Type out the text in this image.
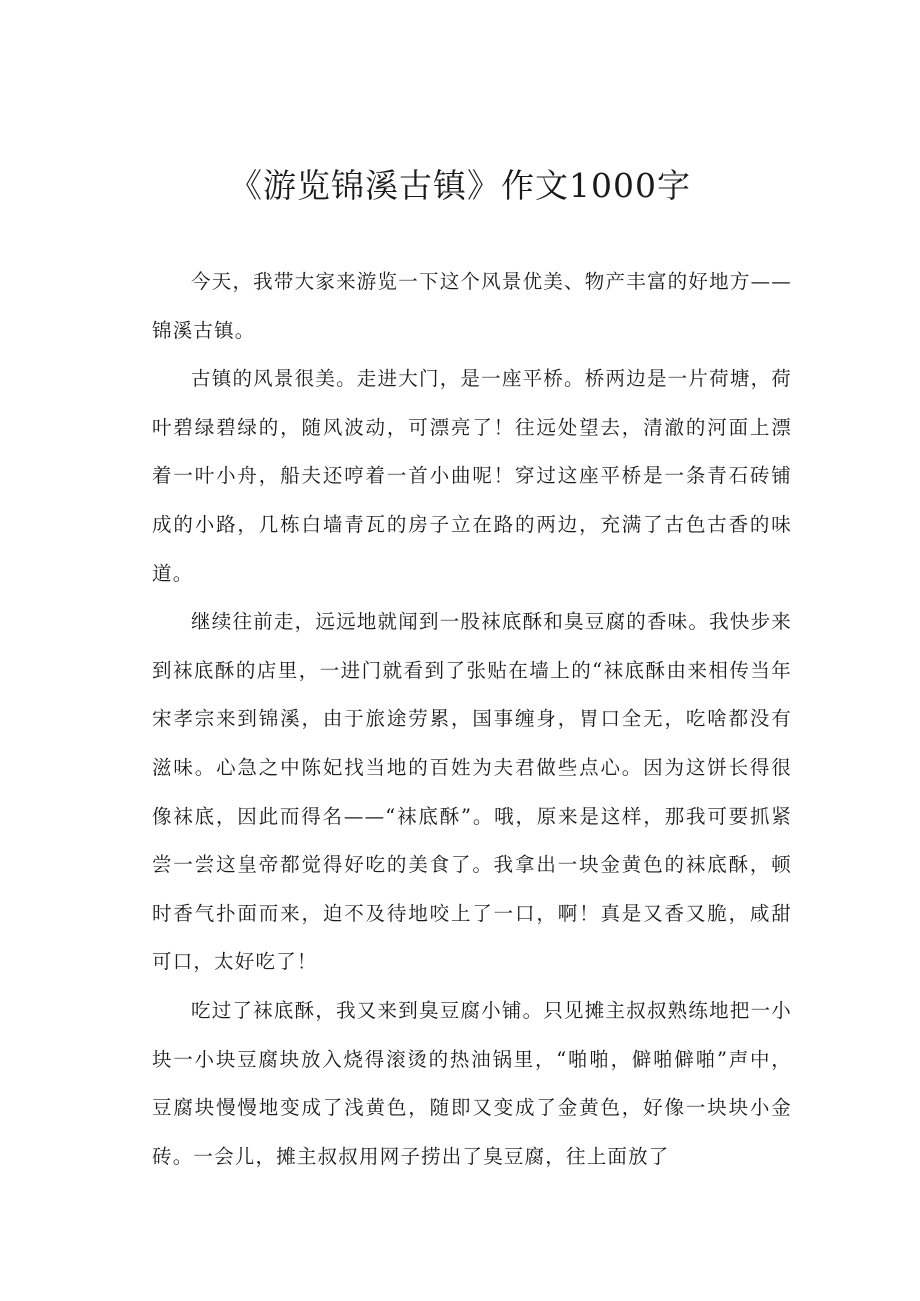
《游览锦溪古镇》作文1000字

今天，我带大家来游览一下这个风景优美、物产丰富的好地方——锦溪古镇。

古镇的风景很美。走进大门，是一座平桥。桥两边是一片荷塘，荷叶碧绿碧绿的，随风波动，可漂亮了！往远处望去，清澈的河面上漂着一叶小舟，船夫还哼着一首小曲呢！穿过这座平桥是一条青石砖铺成的小路，几栋白墙青瓦的房子立在路的两边，充满了古色古香的味道。

继续往前走，远远地就闻到一股袜底酥和臭豆腐的香味。我快步来到袜底酥的店里，一进门就看到了张贴在墙上的“袜底酥由来相传当年宋孝宗来到锦溪，由于旅途劳累，国事缠身，胃口全无，吃啥都没有滋味。心急之中陈妃找当地的百姓为夫君做些点心。因为这饼长得很像袜底，因此而得名——“袜底酥”。哦，原来是这样，那我可要抓紧尝一尝这皇帝都觉得好吃的美食了。我拿出一块金黄色的袜底酥，顿时香气扑面而来，迫不及待地咬上了一口，啊！真是又香又脆，咸甜可口，太好吃了！

吃过了袜底酥，我又来到臭豆腐小铺。只见摊主叔叔熟练地把一小块一小块豆腐块放入烧得滚烫的热油锅里，“啪啪，僻啪僻啪”声中，豆腐块慢慢地变成了浅黄色，随即又变成了金黄色，好像一块块小金砖。一会儿，摊主叔叔用网子捞出了臭豆腐，往上面放了
